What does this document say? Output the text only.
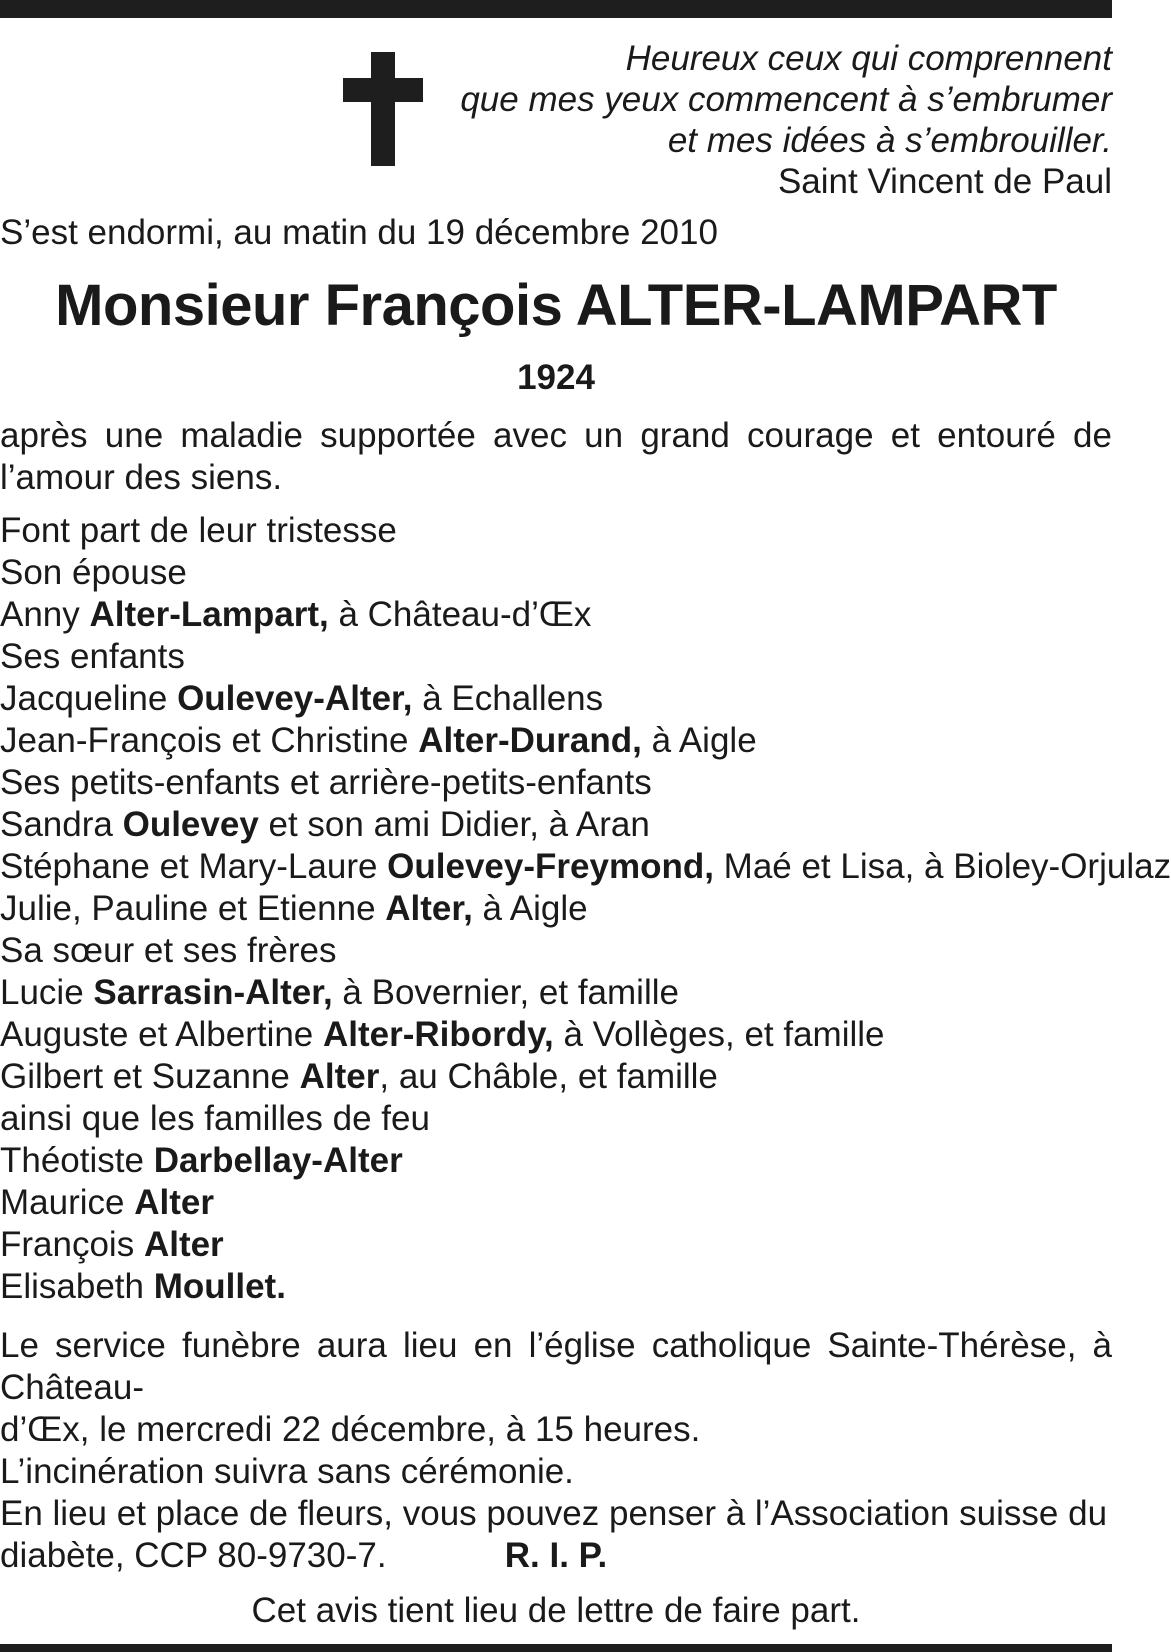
Heureux ceux qui comprennent
que mes yeux commencent à s’embrumer
et mes idées à s’embrouiller.
Saint Vincent de Paul

S’est endormi, au matin du 19 décembre 2010

Monsieur François ALTER-LAMPART
1924
après une maladie supportée avec un grand courage et entouré de l’amour des siens.
Font part de leur tristesse
Son épouse
Anny Alter-Lampart, à Château-d’Œx
Ses enfants
Jacqueline Oulevey-Alter, à Echallens
Jean-François et Christine Alter-Durand, à Aigle
Ses petits-enfants et arrière-petits-enfants
Sandra Oulevey et son ami Didier, à Aran
Stéphane et Mary-Laure Oulevey-Freymond, Maé et Lisa, à Bioley-Orjulaz
Julie, Pauline et Etienne Alter, à Aigle
Sa sœur et ses frères
Lucie Sarrasin-Alter, à Bovernier, et famille
Auguste et Albertine Alter-Ribordy, à Vollèges, et famille
Gilbert et Suzanne Alter, au Châble, et famille
ainsi que les familles de feu
Théotiste Darbellay-Alter
Maurice Alter
François Alter
Elisabeth Moullet.
Le service funèbre aura lieu en l’église catholique Sainte-Thérèse, à Château-
d’Œx, le mercredi 22 décembre, à 15 heures.
L’incinération suivra sans cérémonie.
En lieu et place de fleurs, vous pouvez penser à l’Association suisse du
diabète, CCP 80-9730-7.	R. I. P.
Cet avis tient lieu de lettre de faire part.
